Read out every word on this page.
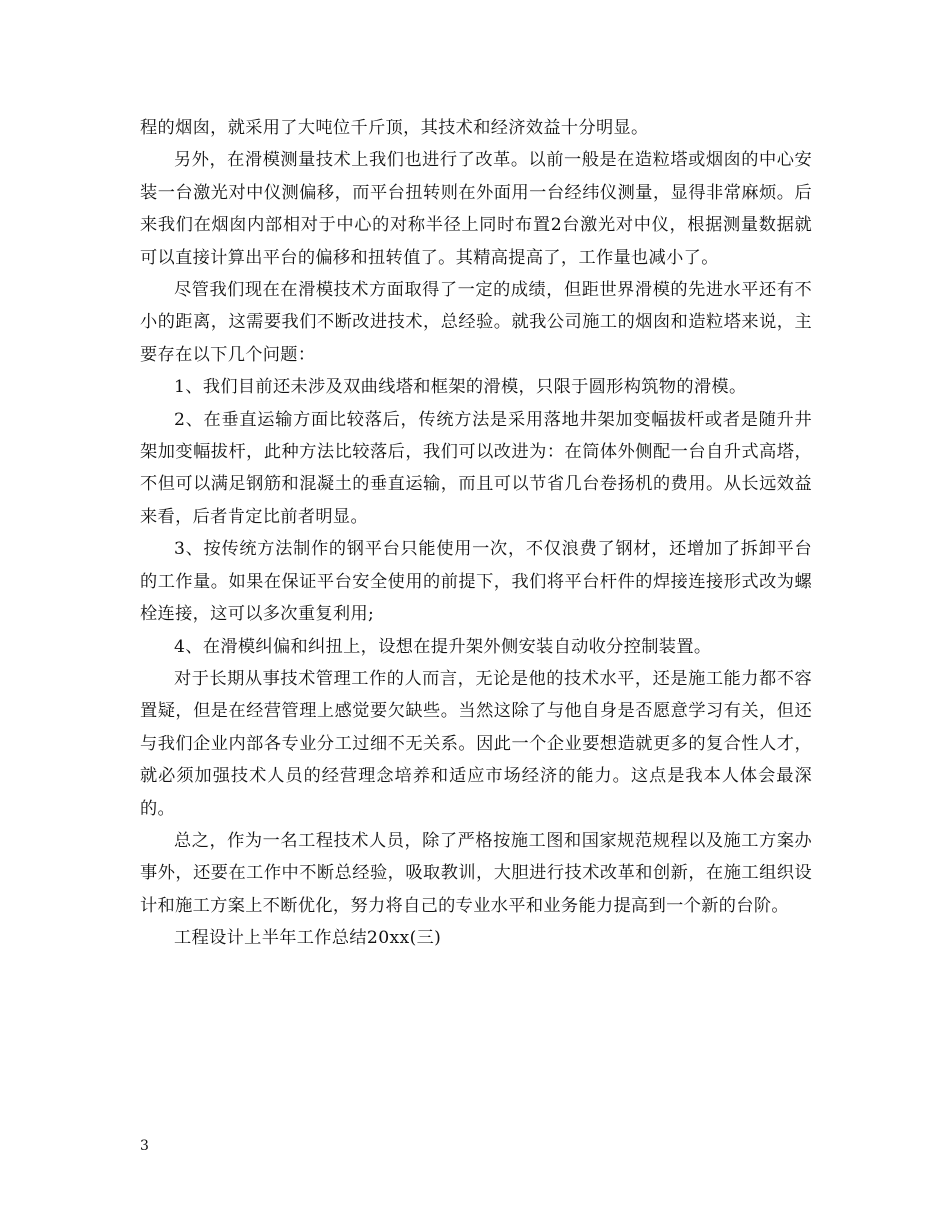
程的烟囱，就采用了大吨位千斤顶，其技术和经济效益十分明显。

另外，在滑模测量技术上我们也进行了改革。以前一般是在造粒塔或烟囱的中心安装一台激光对中仪测偏移，而平台扭转则在外面用一台经纬仪测量，显得非常麻烦。后来我们在烟囱内部相对于中心的对称半径上同时布置2台激光对中仪，根据测量数据就可以直接计算出平台的偏移和扭转值了。其精高提高了，工作量也减小了。

尽管我们现在在滑模技术方面取得了一定的成绩，但距世界滑模的先进水平还有不小的距离，这需要我们不断改进技术，总经验。就我公司施工的烟囱和造粒塔来说，主要存在以下几个问题：

1、我们目前还未涉及双曲线塔和框架的滑模，只限于圆形构筑物的滑模。

2、在垂直运输方面比较落后，传统方法是采用落地井架加变幅拔杆或者是随升井架加变幅拔杆，此种方法比较落后，我们可以改进为：在筒体外侧配一台自升式高塔，不但可以满足钢筋和混凝土的垂直运输，而且可以节省几台卷扬机的费用。从长远效益来看，后者肯定比前者明显。

3、按传统方法制作的钢平台只能使用一次，不仅浪费了钢材，还增加了拆卸平台的工作量。如果在保证平台安全使用的前提下，我们将平台杆件的焊接连接形式改为螺栓连接，这可以多次重复利用;

4、在滑模纠偏和纠扭上，设想在提升架外侧安装自动收分控制装置。

对于长期从事技术管理工作的人而言，无论是他的技术水平，还是施工能力都不容置疑，但是在经营管理上感觉要欠缺些。当然这除了与他自身是否愿意学习有关，但还与我们企业内部各专业分工过细不无关系。因此一个企业要想造就更多的复合性人才，就必须加强技术人员的经营理念培养和适应市场经济的能力。这点是我本人体会最深的。

总之，作为一名工程技术人员，除了严格按施工图和国家规范规程以及施工方案办事外，还要在工作中不断总经验，吸取教训，大胆进行技术改革和创新，在施工组织设计和施工方案上不断优化，努力将自己的专业水平和业务能力提高到一个新的台阶。

工程设计上半年工作总结20xx(三)

3
